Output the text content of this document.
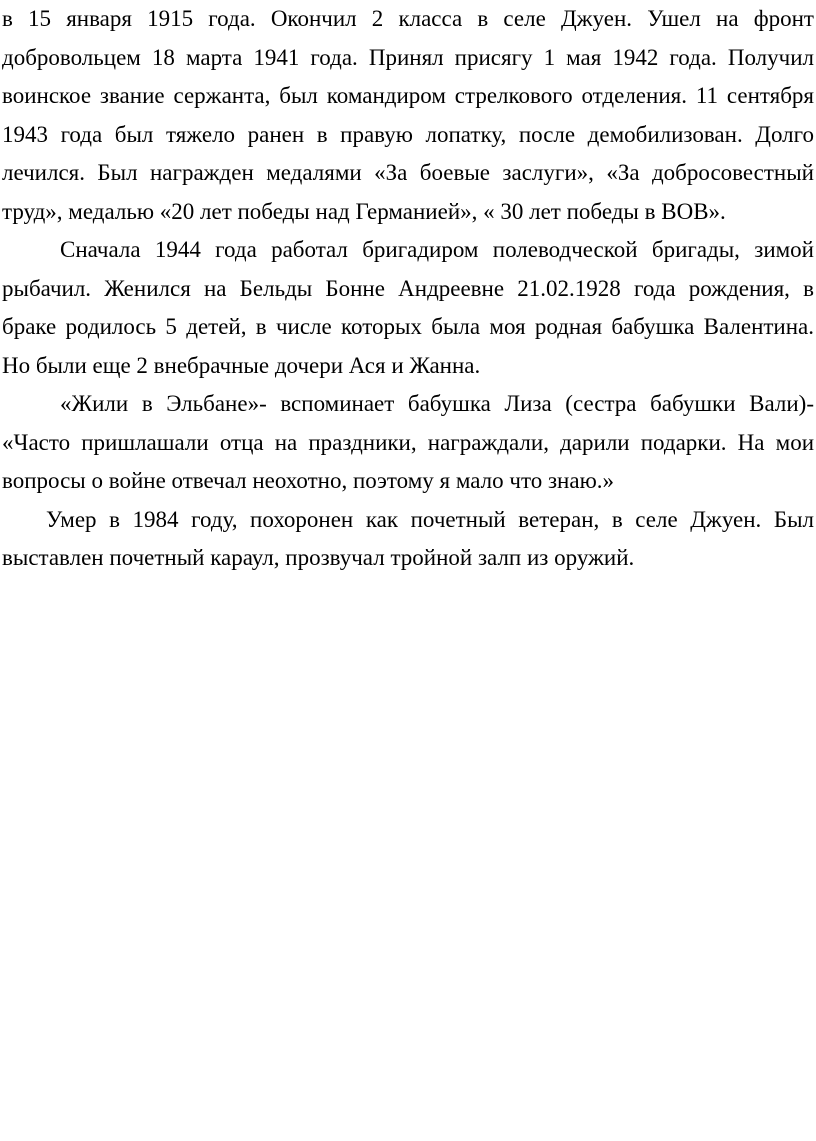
в 15 января 1915 года. Окончил 2 класса в селе Джуен. Ушел на фронт
добровольцем 18 марта 1941 года. Принял присягу 1 мая 1942 года. Получил
воинское звание сержанта, был командиром стрелкового отделения. 11 сентября
1943 года был тяжело ранен в правую лопатку, после демобилизован. Долго
лечился. Был награжден медалями «За боевые заслуги», «За добросовестный
труд», медалью «20 лет победы над Германией», « 30 лет победы в ВОВ».

Сначала 1944 года работал бригадиром полеводческой бригады, зимой
рыбачил. Женился на Бельды Бонне Андреевне 21.02.1928 года рождения, в
браке родилось 5 детей, в числе которых была моя родная бабушка Валентина.
Но были еще 2 внебрачные дочери Ася и Жанна.

«Жили в Эльбане»- вспоминает бабушка Лиза (сестра бабушки Вали)-
«Часто пришлашали отца на праздники, награждали, дарили подарки. На мои
вопросы о войне отвечал неохотно, поэтому я мало что знаю.»

Умер в 1984 году, похоронен как почетный ветеран, в селе Джуен. Был
выставлен почетный караул, прозвучал тройной залп из оружий.
